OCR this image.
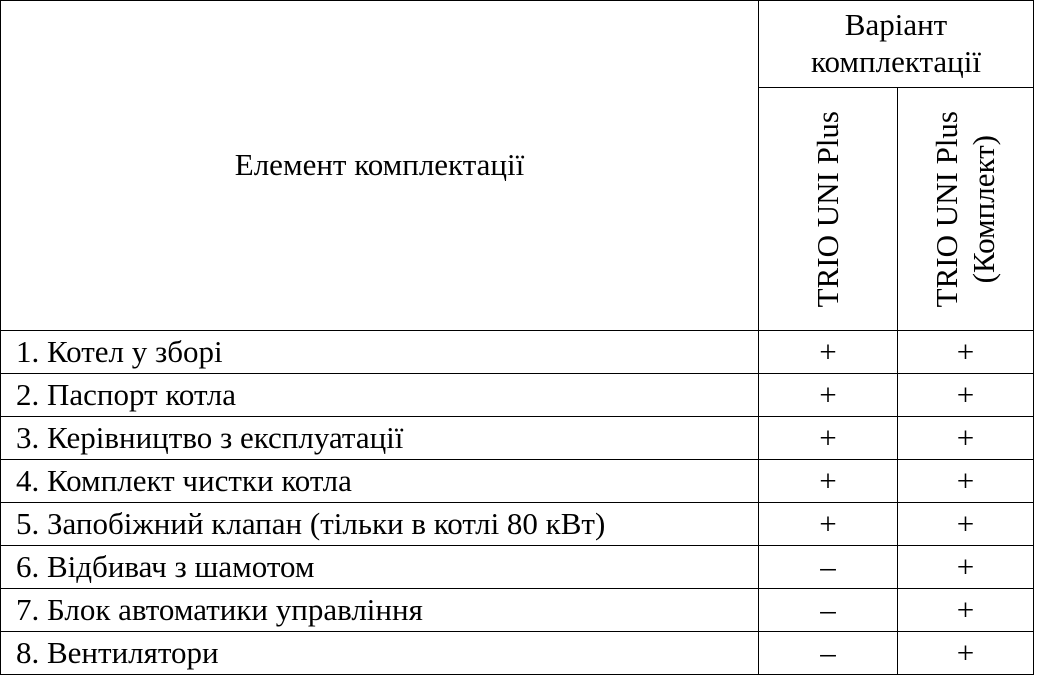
Елемент комплектації	Варіант
комплектації	

	TRIO UNI Plus	TRIO UNI Plus (Комплект)

1. Котел у зборі	+	+
2. Паспорт котла	+	+
3. Керівництво з експлуатації	+	+
4. Комплект чистки котла	+	+
5. Запобіжний клапан (тільки в котлі 80 кВт)	+	+
6. Відбивач з шамотом	–	+
7. Блок автоматики управління	–	+
8. Вентилятори	–	+
